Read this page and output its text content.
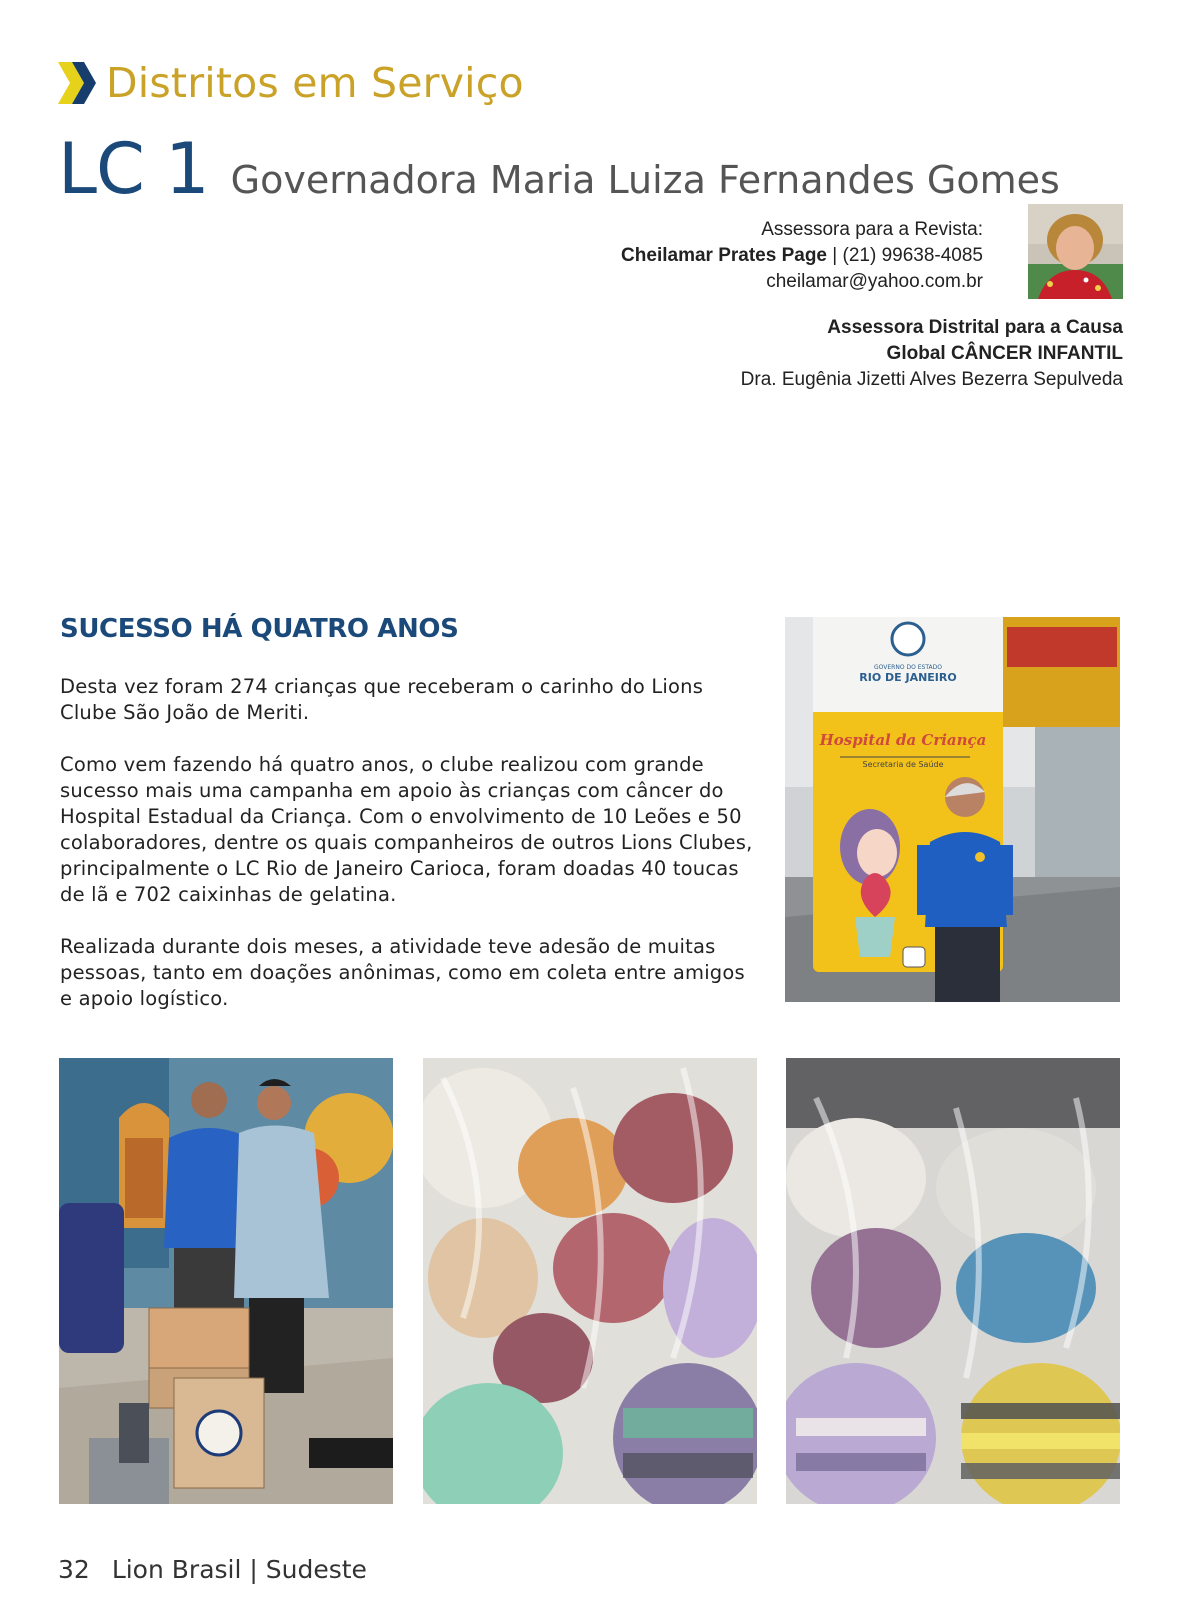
Distritos em Serviço
LC 1 Governadora Maria Luiza Fernandes Gomes
Assessora para a Revista:
Cheilamar Prates Page | (21) 99638-4085
cheilamar@yahoo.com.br
Assessora Distrital para a Causa
Global CÂNCER INFANTIL
Dra. Eugênia Jizetti Alves Bezerra Sepulveda
SUCESSO HÁ QUATRO ANOS

Desta vez foram 274 crianças que receberam o carinho do Lions Clube São João de Meriti.

Como vem fazendo há quatro anos, o clube realizou com grande sucesso mais uma campanha em apoio às crianças com câncer do Hospital Estadual da Criança. Com o envolvimento de 10 Leões e 50 colaboradores, dentre os quais companheiros de outros Lions Clubes, principalmente o LC Rio de Janeiro Carioca, foram doadas 40 toucas de lã e 702 caixinhas de gelatina.

Realizada durante dois meses, a atividade teve adesão de muitas pessoas, tanto em doações anônimas, como em coleta entre amigos e apoio logístico.

GOVERNO DO ESTADO
RIO DE JANEIRO
Hospital da Criança
Secretaria de Saúde
32 Lion Brasil | Sudeste
